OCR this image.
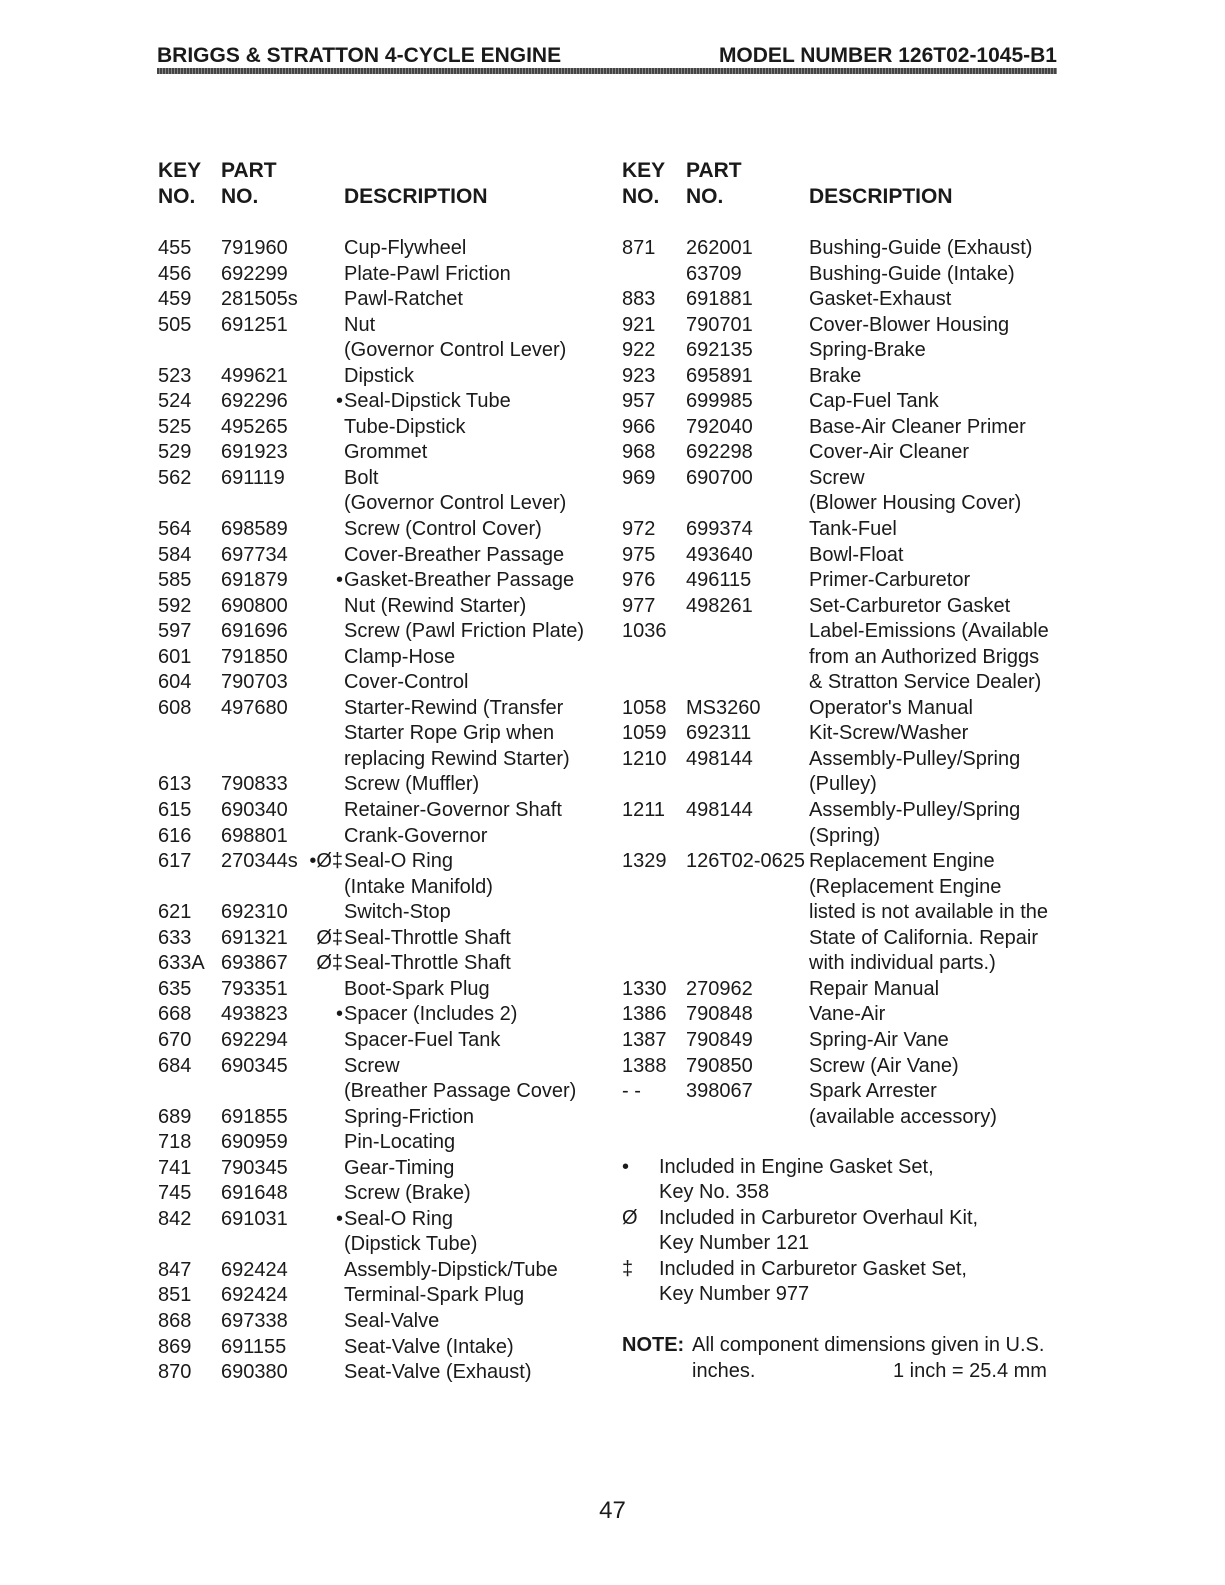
BRIGGS & STRATTON 4-CYCLE ENGINE	MODEL NUMBER 126T02-1045-B1
KEY
NO.
PART
NO.	DESCRIPTION
KEY
NO.
PART
NO.	DESCRIPTION
455 791960	Cup-Flywheel
456 692299	Plate-Pawl Friction
459 281505s Pawl-Ratchet
505 691251	Nut
(Governor Control Lever)
523 499621	Dipstick
524 692296	• Seal-Dipstick Tube
525 495265	Tube-Dipstick
529 691923	Grommet
562 691119	Bolt
(Governor Control Lever)
564 698589	Screw (Control Cover)
584 697734	Cover-Breather Passage
585 691879	• Gasket-Breather Passage
592 690800	Nut (Rewind Starter)
597 691696	Screw (Pawl Friction Plate)
601 791850	Clamp-Hose
604 790703	Cover-Control
608 497680	Starter-Rewind (Transfer
Starter Rope Grip when
replacing Rewind Starter)
613 790833	Screw (Muffler)
615 690340	Retainer-Governor Shaft
616 698801	Crank-Governor
617 270344s •Ø‡ Seal-O Ring
(Intake Manifold)
621 692310	Switch-Stop
633 691321	Ø‡ Seal-Throttle Shaft
633A 693867	Ø‡ Seal-Throttle Shaft
635 793351	Boot-Spark Plug
668 493823	• Spacer (Includes 2)
670 692294	Spacer-Fuel Tank
684 690345	Screw
(Breather Passage Cover)
689 691855	Spring-Friction
718 690959	Pin-Locating
741 790345	Gear-Timing
745 691648	Screw (Brake)
842 691031	• Seal-O Ring
(Dipstick Tube)
847 692424	Assembly-Dipstick/Tube
851 692424	Terminal-Spark Plug
868 697338	Seal-Valve
869 691155	Seat-Valve (Intake)
870 690380	Seat-Valve (Exhaust)
871 262001	Bushing-Guide (Exhaust)
63709	Bushing-Guide (Intake)
883 691881	Gasket-Exhaust
921 790701	Cover-Blower Housing
922 692135	Spring-Brake
923 695891	Brake
957 699985	Cap-Fuel Tank
966 792040	Base-Air Cleaner Primer
968 692298	Cover-Air Cleaner
969 690700	Screw
(Blower Housing Cover)
972 699374	Tank-Fuel
975 493640	Bowl-Float
976 496115	Primer-Carburetor
977 498261	Set-Carburetor Gasket
1036	Label-Emissions (Available
from an Authorized Briggs
& Stratton Service Dealer)
1058 MS3260 Operator's Manual
1059 692311	Kit-Screw/Washer
1210 498144	Assembly-Pulley/Spring
(Pulley)
1211 498144	Assembly-Pulley/Spring
(Spring)
1329 126T02-0625 Replacement Engine
(Replacement Engine
listed is not available in the
State of California. Repair
with individual parts.)
1330 270962	Repair Manual
1386 790848	Vane-Air
1387 790849	Spring-Air Vane
1388 790850	Screw (Air Vane)
- - 398067	Spark Arrester
(available accessory)
• Included in Engine Gasket Set,
Key No. 358
Ø Included in Carburetor Overhaul Kit,
Key Number 121
‡ Included in Carburetor Gasket Set,
Key Number 977
NOTE: All component dimensions given in U.S.
inches.	1 inch = 25.4 mm
47
